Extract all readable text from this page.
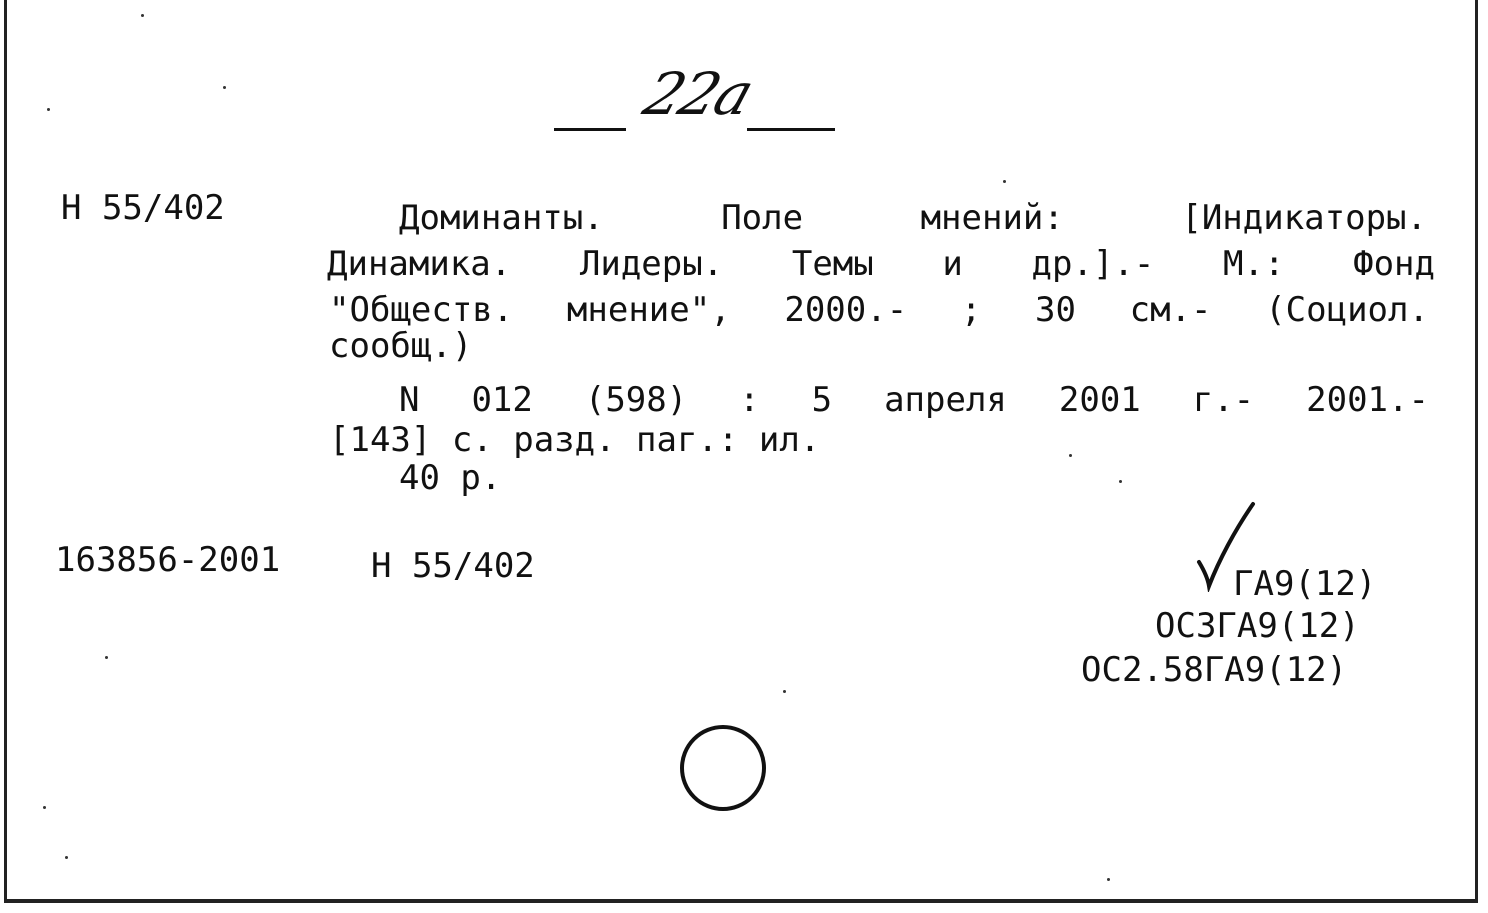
22a
Н 55/402	Доминанты.	Поле	мнений:	[Индикаторы.
Динамика. Лидеры. Темы и др.].- М.: Фонд
"Обществ. мнение", 2000.- ; 30 см.- (Социол.
сообщ.)
N 012 (598) : 5 апреля 2001 г.- 2001.-
[143] с. разд. паг.: ил.
40 р.
163856-2001	Н 55/402	ГА9(12)
ОС3ГА9(12)
ОС2.58ГА9(12)
